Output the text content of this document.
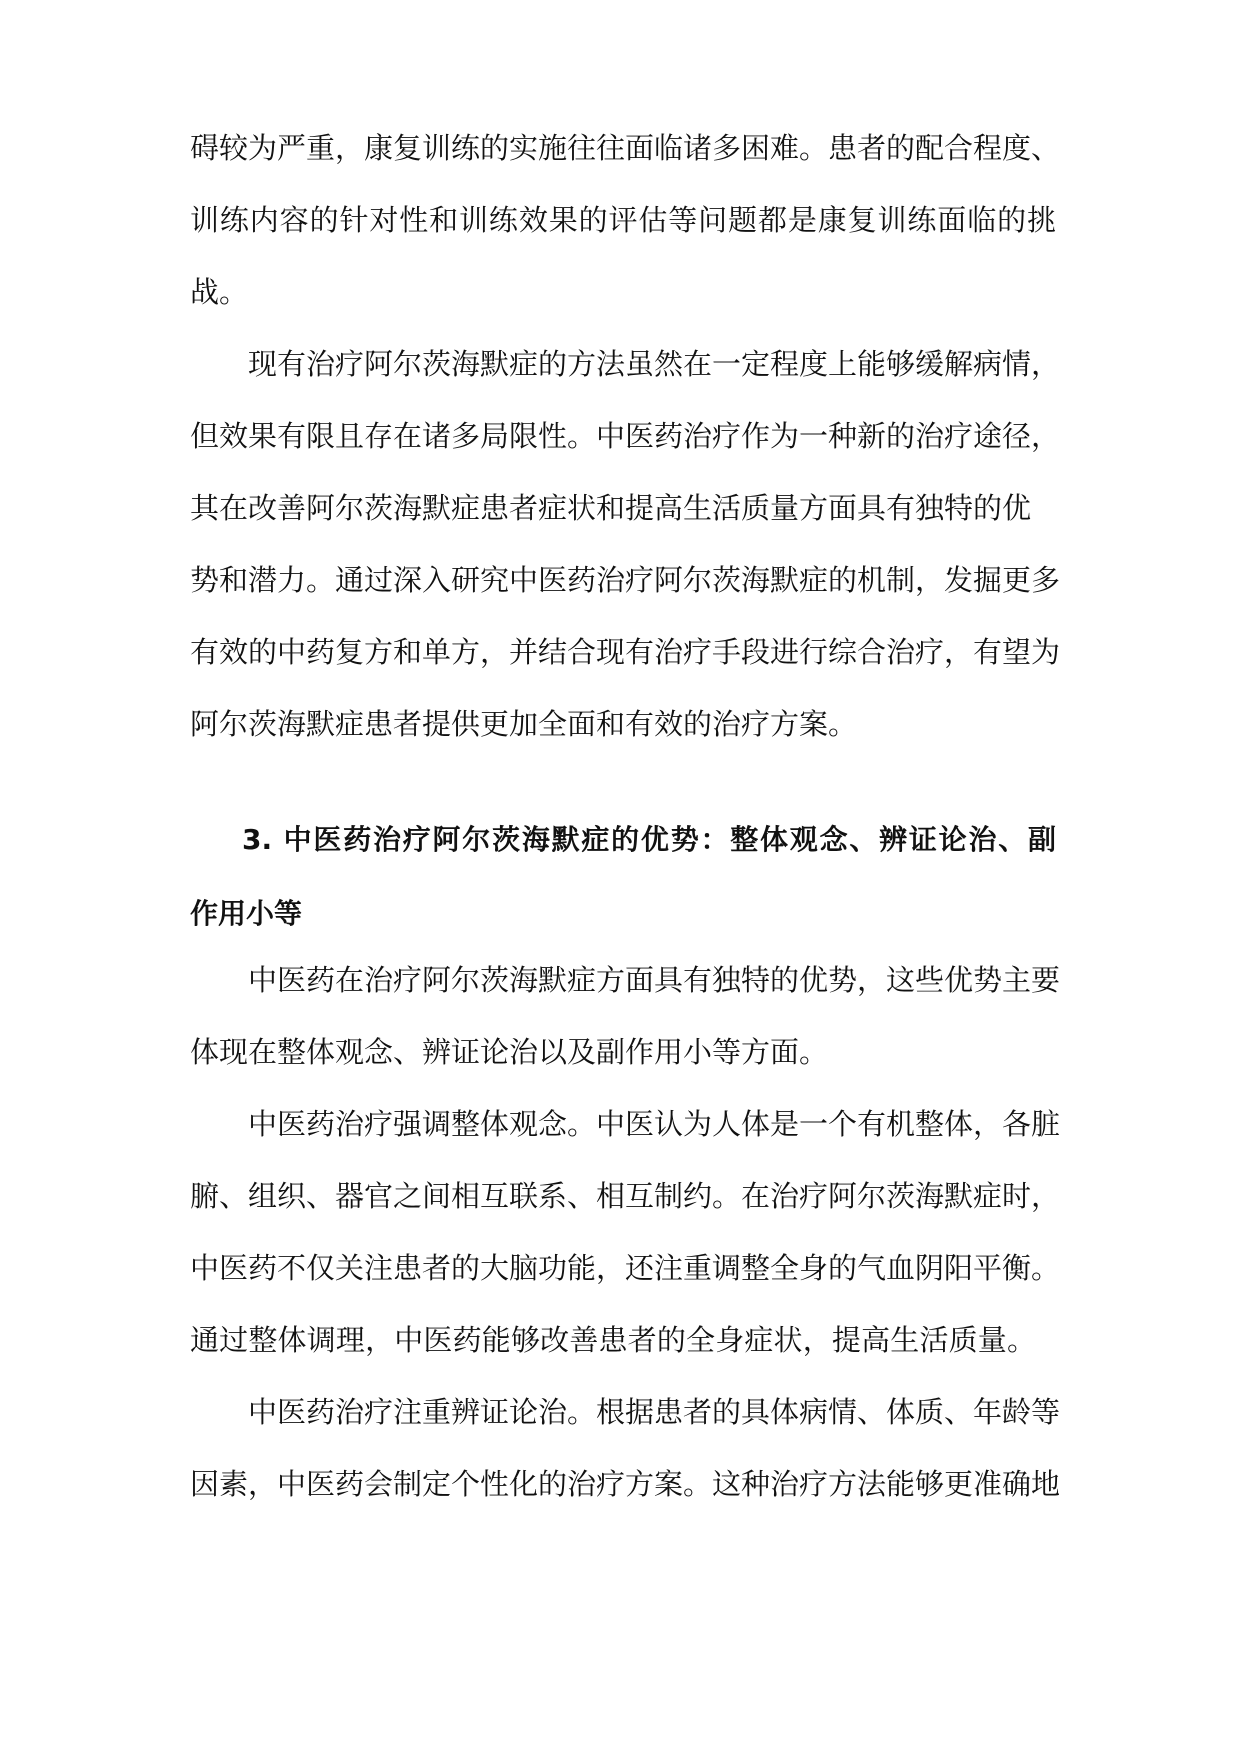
碍较为严重，康复训练的实施往往面临诸多困难。患者的配合程度、
训练内容的针对性和训练效果的评估等问题都是康复训练面临的挑
战。
现有治疗阿尔茨海默症的方法虽然在一定程度上能够缓解病情，
但效果有限且存在诸多局限性。中医药治疗作为一种新的治疗途径，
其在改善阿尔茨海默症患者症状和提高生活质量方面具有独特的优
势和潜力。通过深入研究中医药治疗阿尔茨海默症的机制，发掘更多
有效的中药复方和单方，并结合现有治疗手段进行综合治疗，有望为
阿尔茨海默症患者提供更加全面和有效的治疗方案。
3. 中医药治疗阿尔茨海默症的优势：整体观念、辨证论治、副
作用小等
中医药在治疗阿尔茨海默症方面具有独特的优势，这些优势主要
体现在整体观念、辨证论治以及副作用小等方面。
中医药治疗强调整体观念。中医认为人体是一个有机整体，各脏
腑、组织、器官之间相互联系、相互制约。在治疗阿尔茨海默症时，
中医药不仅关注患者的大脑功能，还注重调整全身的气血阴阳平衡。
通过整体调理，中医药能够改善患者的全身症状，提高生活质量。
中医药治疗注重辨证论治。根据患者的具体病情、体质、年龄等
因素，中医药会制定个性化的治疗方案。这种治疗方法能够更准确地
